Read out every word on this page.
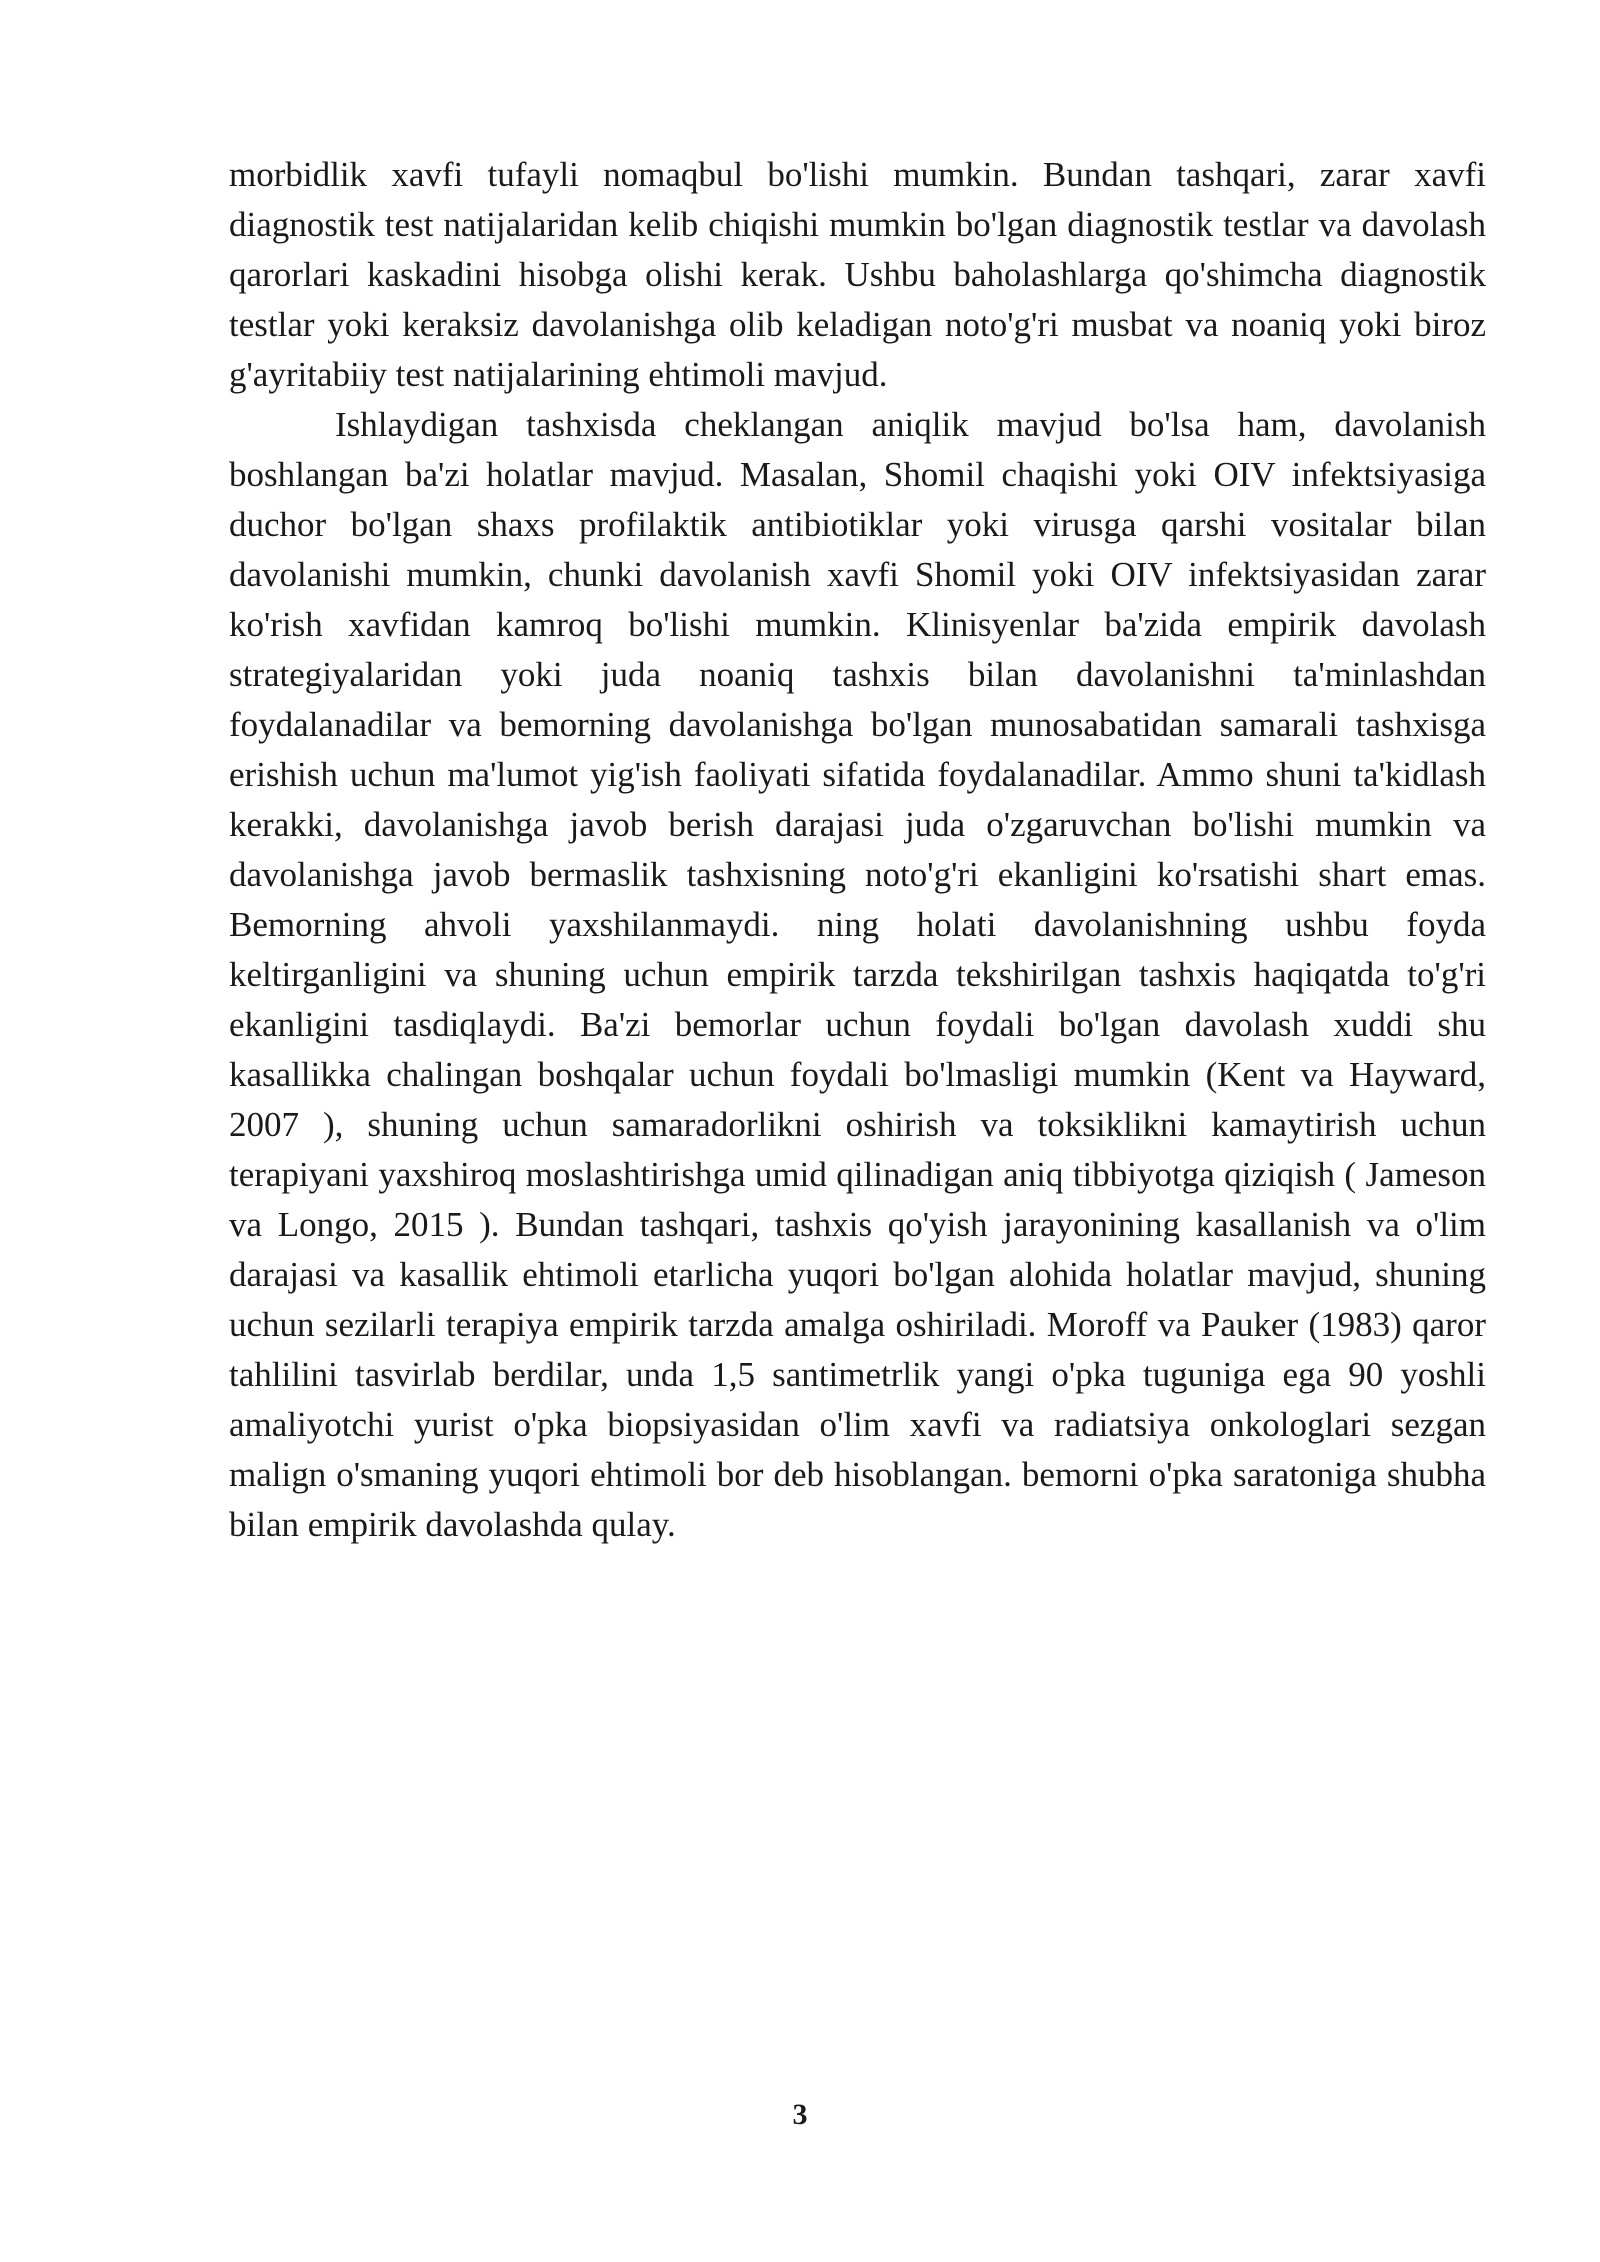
morbidlik xavfi tufayli nomaqbul bo'lishi mumkin. Bundan tashqari, zarar xavfi diagnostik test natijalaridan kelib chiqishi mumkin bo'lgan diagnostik testlar va davolash qarorlari kaskadini hisobga olishi kerak. Ushbu baholashlarga qo'shimcha diagnostik testlar yoki keraksiz davolanishga olib keladigan noto'g'ri musbat va noaniq yoki biroz g'ayritabiiy test natijalarining ehtimoli mavjud.

Ishlaydigan tashxisda cheklangan aniqlik mavjud bo'lsa ham, davolanish boshlangan ba'zi holatlar mavjud. Masalan, Shomil chaqishi yoki OIV infektsiyasiga duchor bo'lgan shaxs profilaktik antibiotiklar yoki virusga qarshi vositalar bilan davolanishi mumkin, chunki davolanish xavfi Shomil yoki OIV infektsiyasidan zarar ko'rish xavfidan kamroq bo'lishi mumkin. Klinisyenlar ba'zida empirik davolash strategiyalaridan yoki juda noaniq tashxis bilan davolanishni ta'minlashdan foydalanadilar va bemorning davolanishga bo'lgan munosabatidan samarali tashxisga erishish uchun ma'lumot yig'ish faoliyati sifatida foydalanadilar. Ammo shuni ta'kidlash kerakki, davolanishga javob berish darajasi juda o'zgaruvchan bo'lishi mumkin va davolanishga javob bermaslik tashxisning noto'g'ri ekanligini ko'rsatishi shart emas. Bemorning ahvoli yaxshilanmaydi. ning holati davolanishning ushbu foyda keltirganligini va shuning uchun empirik tarzda tekshirilgan tashxis haqiqatda to'g'ri ekanligini tasdiqlaydi. Ba'zi bemorlar uchun foydali bo'lgan davolash xuddi shu kasallikka chalingan boshqalar uchun foydali bo'lmasligi mumkin (Kent va Hayward, 2007 ), shuning uchun samaradorlikni oshirish va toksiklikni kamaytirish uchun terapiyani yaxshiroq moslashtirishga umid qilinadigan aniq tibbiyotga qiziqish ( Jameson va Longo, 2015 ). Bundan tashqari, tashxis qo'yish jarayonining kasallanish va o'lim darajasi va kasallik ehtimoli etarlicha yuqori bo'lgan alohida holatlar mavjud, shuning uchun sezilarli terapiya empirik tarzda amalga oshiriladi. Moroff va Pauker (1983) qaror tahlilini tasvirlab berdilar, unda 1,5 santimetrlik yangi o'pka tuguniga ega 90 yoshli amaliyotchi yurist o'pka biopsiyasidan o'lim xavfi va radiatsiya onkologlari sezgan malign o'smaning yuqori ehtimoli bor deb hisoblangan. bemorni o'pka saratoniga shubha bilan empirik davolashda qulay.

3
